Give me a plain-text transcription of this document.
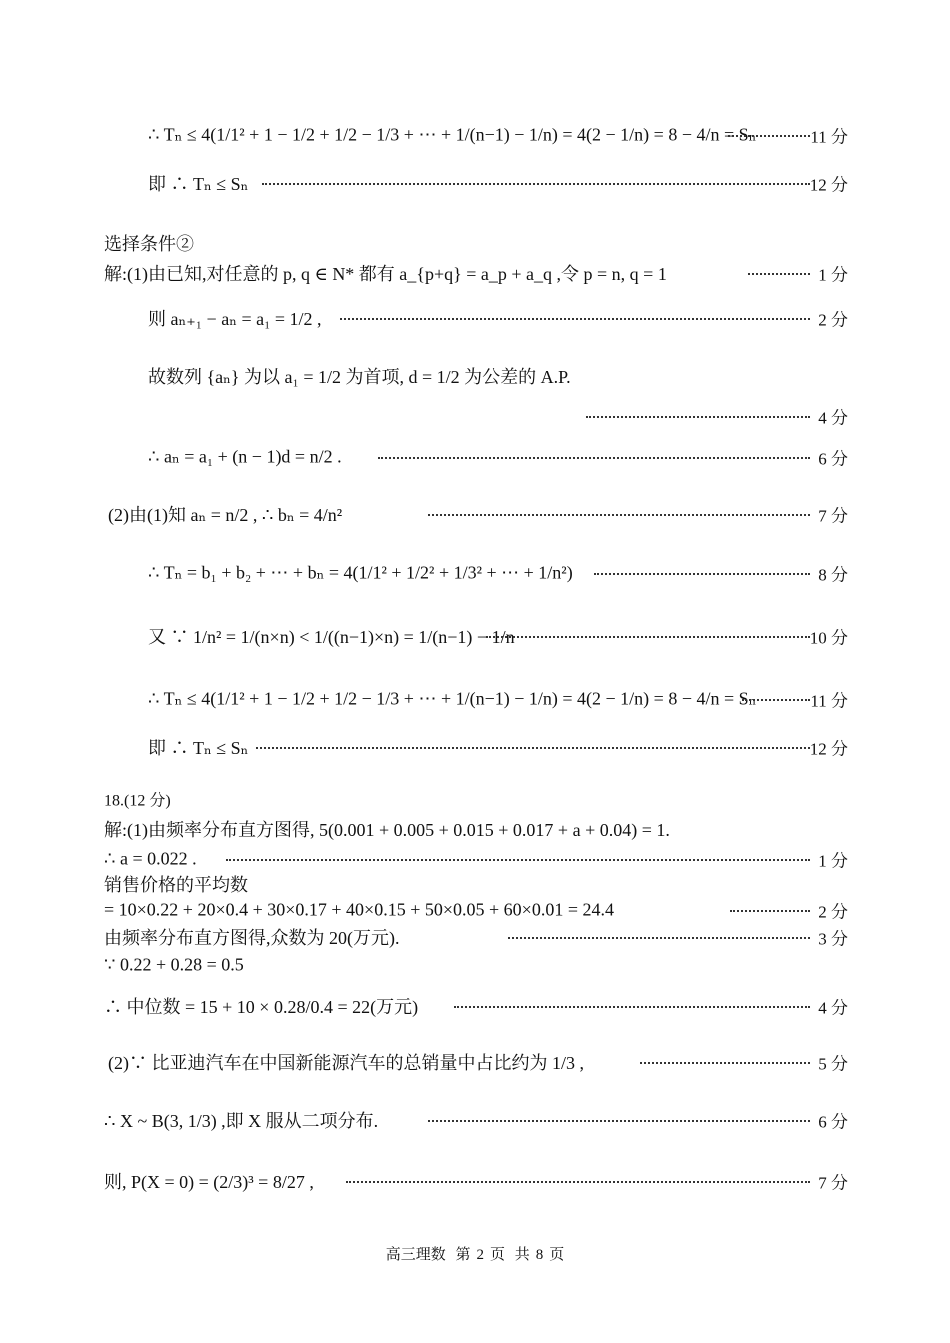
∴ Tₙ ≤ 4(1/1² + 1 − 1/2 + 1/2 − 1/3 + ⋯ + 1/(n−1) − 1/n) = 4(2 − 1/n) = 8 − 4/n = Sₙ	11 分
即 ∴ Tₙ ≤ Sₙ	12 分
选择条件②
解:(1)由已知,对任意的 p, q ∈ N* 都有 a_{p+q} = a_p + a_q ,令 p = n, q = 1	1 分
则 aₙ₊₁ − aₙ = a₁ = 1/2 ,	2 分
故数列 {aₙ} 为以 a₁ = 1/2 为首项, d = 1/2 为公差的 A.P.
4 分
∴ aₙ = a₁ + (n − 1)d = n/2 .	6 分
(2)由(1)知 aₙ = n/2 , ∴ bₙ = 4/n²	7 分
∴ Tₙ = b₁ + b₂ + ⋯ + bₙ = 4(1/1² + 1/2² + 1/3² + ⋯ + 1/n²)	8 分
又 ∵ 1/n² = 1/(n×n) < 1/((n−1)×n) = 1/(n−1) − 1/n	10 分
∴ Tₙ ≤ 4(1/1² + 1 − 1/2 + 1/2 − 1/3 + ⋯ + 1/(n−1) − 1/n) = 4(2 − 1/n) = 8 − 4/n = Sₙ	11 分
即 ∴ Tₙ ≤ Sₙ	12 分
18.(12 分)
解:(1)由频率分布直方图得, 5(0.001 + 0.005 + 0.015 + 0.017 + a + 0.04) = 1.
∴ a = 0.022 .	1 分
销售价格的平均数
= 10×0.22 + 20×0.4 + 30×0.17 + 40×0.15 + 50×0.05 + 60×0.01 = 24.4	2 分
由频率分布直方图得,众数为 20(万元).	3 分
∵ 0.22 + 0.28 = 0.5
∴ 中位数 = 15 + 10 × 0.28/0.4 = 22(万元)	4 分
(2)∵ 比亚迪汽车在中国新能源汽车的总销量中占比约为 1/3 ,	5 分
∴ X ~ B(3, 1/3) ,即 X 服从二项分布.	6 分
则, P(X = 0) = (2/3)³ = 8/27 ,	7 分
高三理数 第 2 页 共 8 页
